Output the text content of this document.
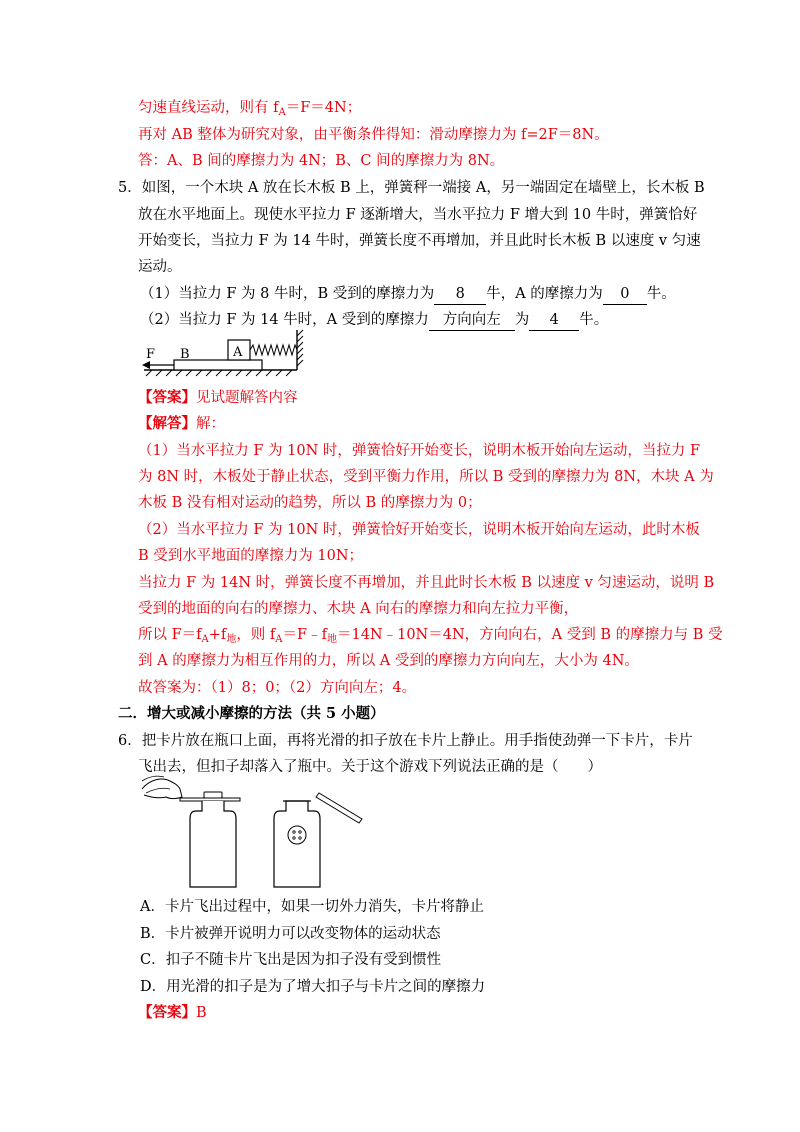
匀速直线运动，则有 $f_A=F=4N$；
再对 AB 整体为研究对象，由平衡条件得知：滑动摩擦力为 f=2F＝8N。
答：A、B 间的摩擦力为 4N；B、C 间的摩擦力为 8N。
5．如图，一个木块 A 放在长木板 B 上，弹簧秤一端接 A，另一端固定在墙壁上，长木板 B
放在水平地面上。现使水平拉力 F 逐渐增大，当水平拉力 F 增大到 10 牛时，弹簧恰好
开始变长，当拉力 F 为 14 牛时，弹簧长度不再增加，并且此时长木板 B 以速度 v 匀速
运动。
（1）当拉力 F 为 8 牛时，B 受到的摩擦力为 8 牛，A 的摩擦力为 0 牛。
（2）当拉力 F 为 14 牛时，A 受到的摩擦力 方向向左 为 4 牛。
A
F B
【答案】见试题解答内容
【解答】解：
（1）当水平拉力 F 为 10N 时，弹簧恰好开始变长，说明木板开始向左运动，当拉力 F
为 8N 时，木板处于静止状态，受到平衡力作用，所以 B 受到的摩擦力为 8N，木块 A 为
木板 B 没有相对运动的趋势，所以 B 的摩擦力为 0；
（2）当水平拉力 F 为 10N 时，弹簧恰好开始变长，说明木板开始向左运动，此时木板
B 受到水平地面的摩擦力为 10N；
当拉力 F 为 14N 时，弹簧长度不再增加，并且此时长木板 B 以速度 v 匀速运动，说明 B
受到的地面的向右的摩擦力、木块 A 向右的摩擦力和向左拉力平衡，
所以 $F=f_A+f_地$，则 $f_A=F﹣f_地=14N﹣10N=4N$，方向向右，A 受到 B 的摩擦力与 B 受
到 A 的摩擦力为相互作用的力，所以 A 受到的摩擦力方向向左，大小为 4N。
故答案为：（1）8；0；（2）方向向左；4。
二．增大或减小摩擦的方法（共 5 小题）
6．把卡片放在瓶口上面，再将光滑的扣子放在卡片上静止。用手指使劲弹一下卡片，卡片
飞出去，但扣子却落入了瓶中。关于这个游戏下列说法正确的是（　　）
A．卡片飞出过程中，如果一切外力消失，卡片将静止
B．卡片被弹开说明力可以改变物体的运动状态
C．扣子不随卡片飞出是因为扣子没有受到惯性
D．用光滑的扣子是为了增大扣子与卡片之间的摩擦力
【答案】B
